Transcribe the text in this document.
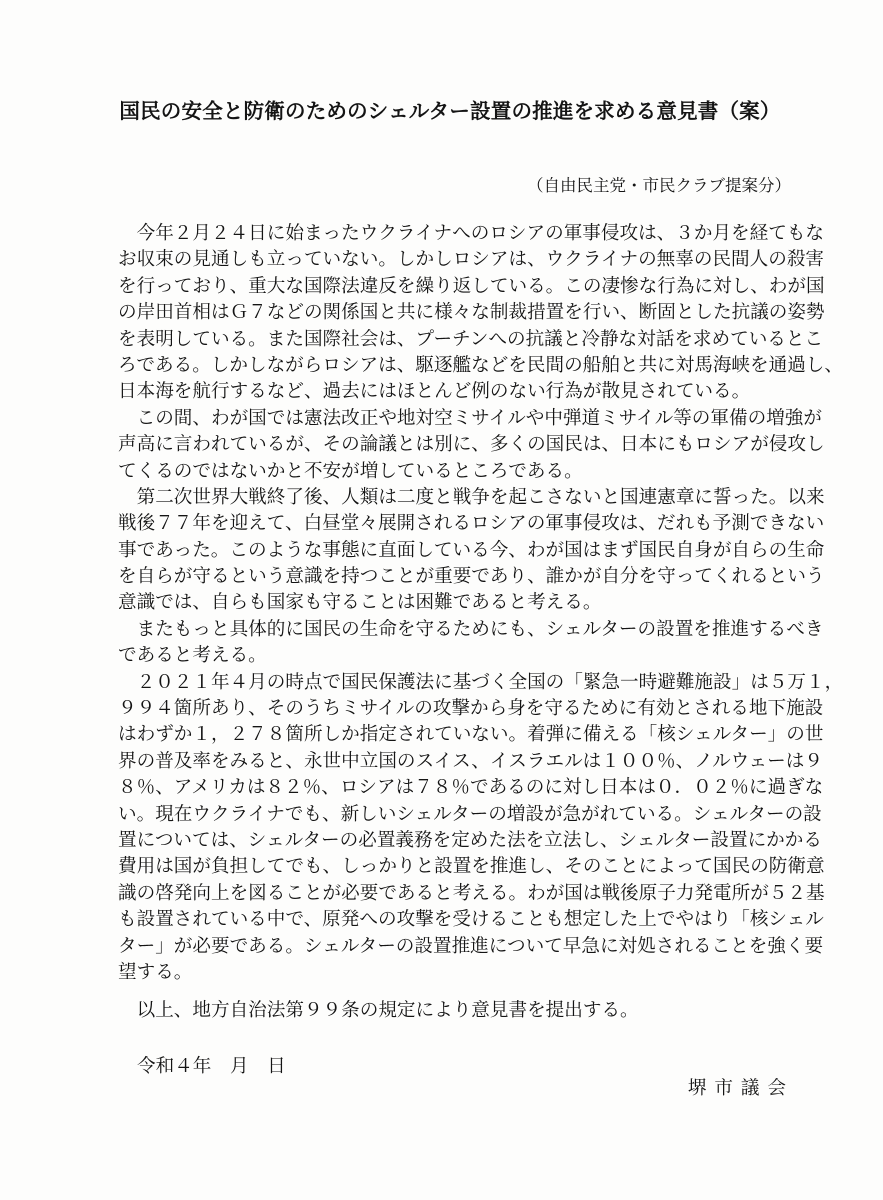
国民の安全と防衛のためのシェルター設置の推進を求める意見書（案）
（自由民主党・市民クラブ提案分）
　今年２月２４日に始まったウクライナへのロシアの軍事侵攻は、３か月を経てもな
お収束の見通しも立っていない。しかしロシアは、ウクライナの無辜の民間人の殺害
を行っており、重大な国際法違反を繰り返している。この凄惨な行為に対し、わが国
の岸田首相はＧ７などの関係国と共に様々な制裁措置を行い、断固とした抗議の姿勢
を表明している。また国際社会は、プーチンへの抗議と冷静な対話を求めているとこ
ろである。しかしながらロシアは、駆逐艦などを民間の船舶と共に対馬海峡を通過し、
日本海を航行するなど、過去にはほとんど例のない行為が散見されている。
　この間、わが国では憲法改正や地対空ミサイルや中弾道ミサイル等の軍備の増強が
声高に言われているが、その論議とは別に、多くの国民は、日本にもロシアが侵攻し
てくるのではないかと不安が増しているところである。
　第二次世界大戦終了後、人類は二度と戦争を起こさないと国連憲章に誓った。以来
戦後７７年を迎えて、白昼堂々展開されるロシアの軍事侵攻は、だれも予測できない
事であった。このような事態に直面している今、わが国はまず国民自身が自らの生命
を自らが守るという意識を持つことが重要であり、誰かが自分を守ってくれるという
意識では、自らも国家も守ることは困難であると考える。
　またもっと具体的に国民の生命を守るためにも、シェルターの設置を推進するべき
であると考える。
　２０２１年４月の時点で国民保護法に基づく全国の「緊急一時避難施設」は５万１，
９９４箇所あり、そのうちミサイルの攻撃から身を守るために有効とされる地下施設
はわずか１，２７８箇所しか指定されていない。着弾に備える「核シェルター」の世
界の普及率をみると、永世中立国のスイス、イスラエルは１００％、ノルウェーは９
８％、アメリカは８２％、ロシアは７８％であるのに対し日本は０．０２％に過ぎな
い。現在ウクライナでも、新しいシェルターの増設が急がれている。シェルターの設
置については、シェルターの必置義務を定めた法を立法し、シェルター設置にかかる
費用は国が負担してでも、しっかりと設置を推進し、そのことによって国民の防衛意
識の啓発向上を図ることが必要であると考える。わが国は戦後原子力発電所が５２基
も設置されている中で、原発への攻撃を受けることも想定した上でやはり「核シェル
ター」が必要である。シェルターの設置推進について早急に対処されることを強く要
望する。
　以上、地方自治法第９９条の規定により意見書を提出する。
令和４年　月　日
堺 市 議 会
